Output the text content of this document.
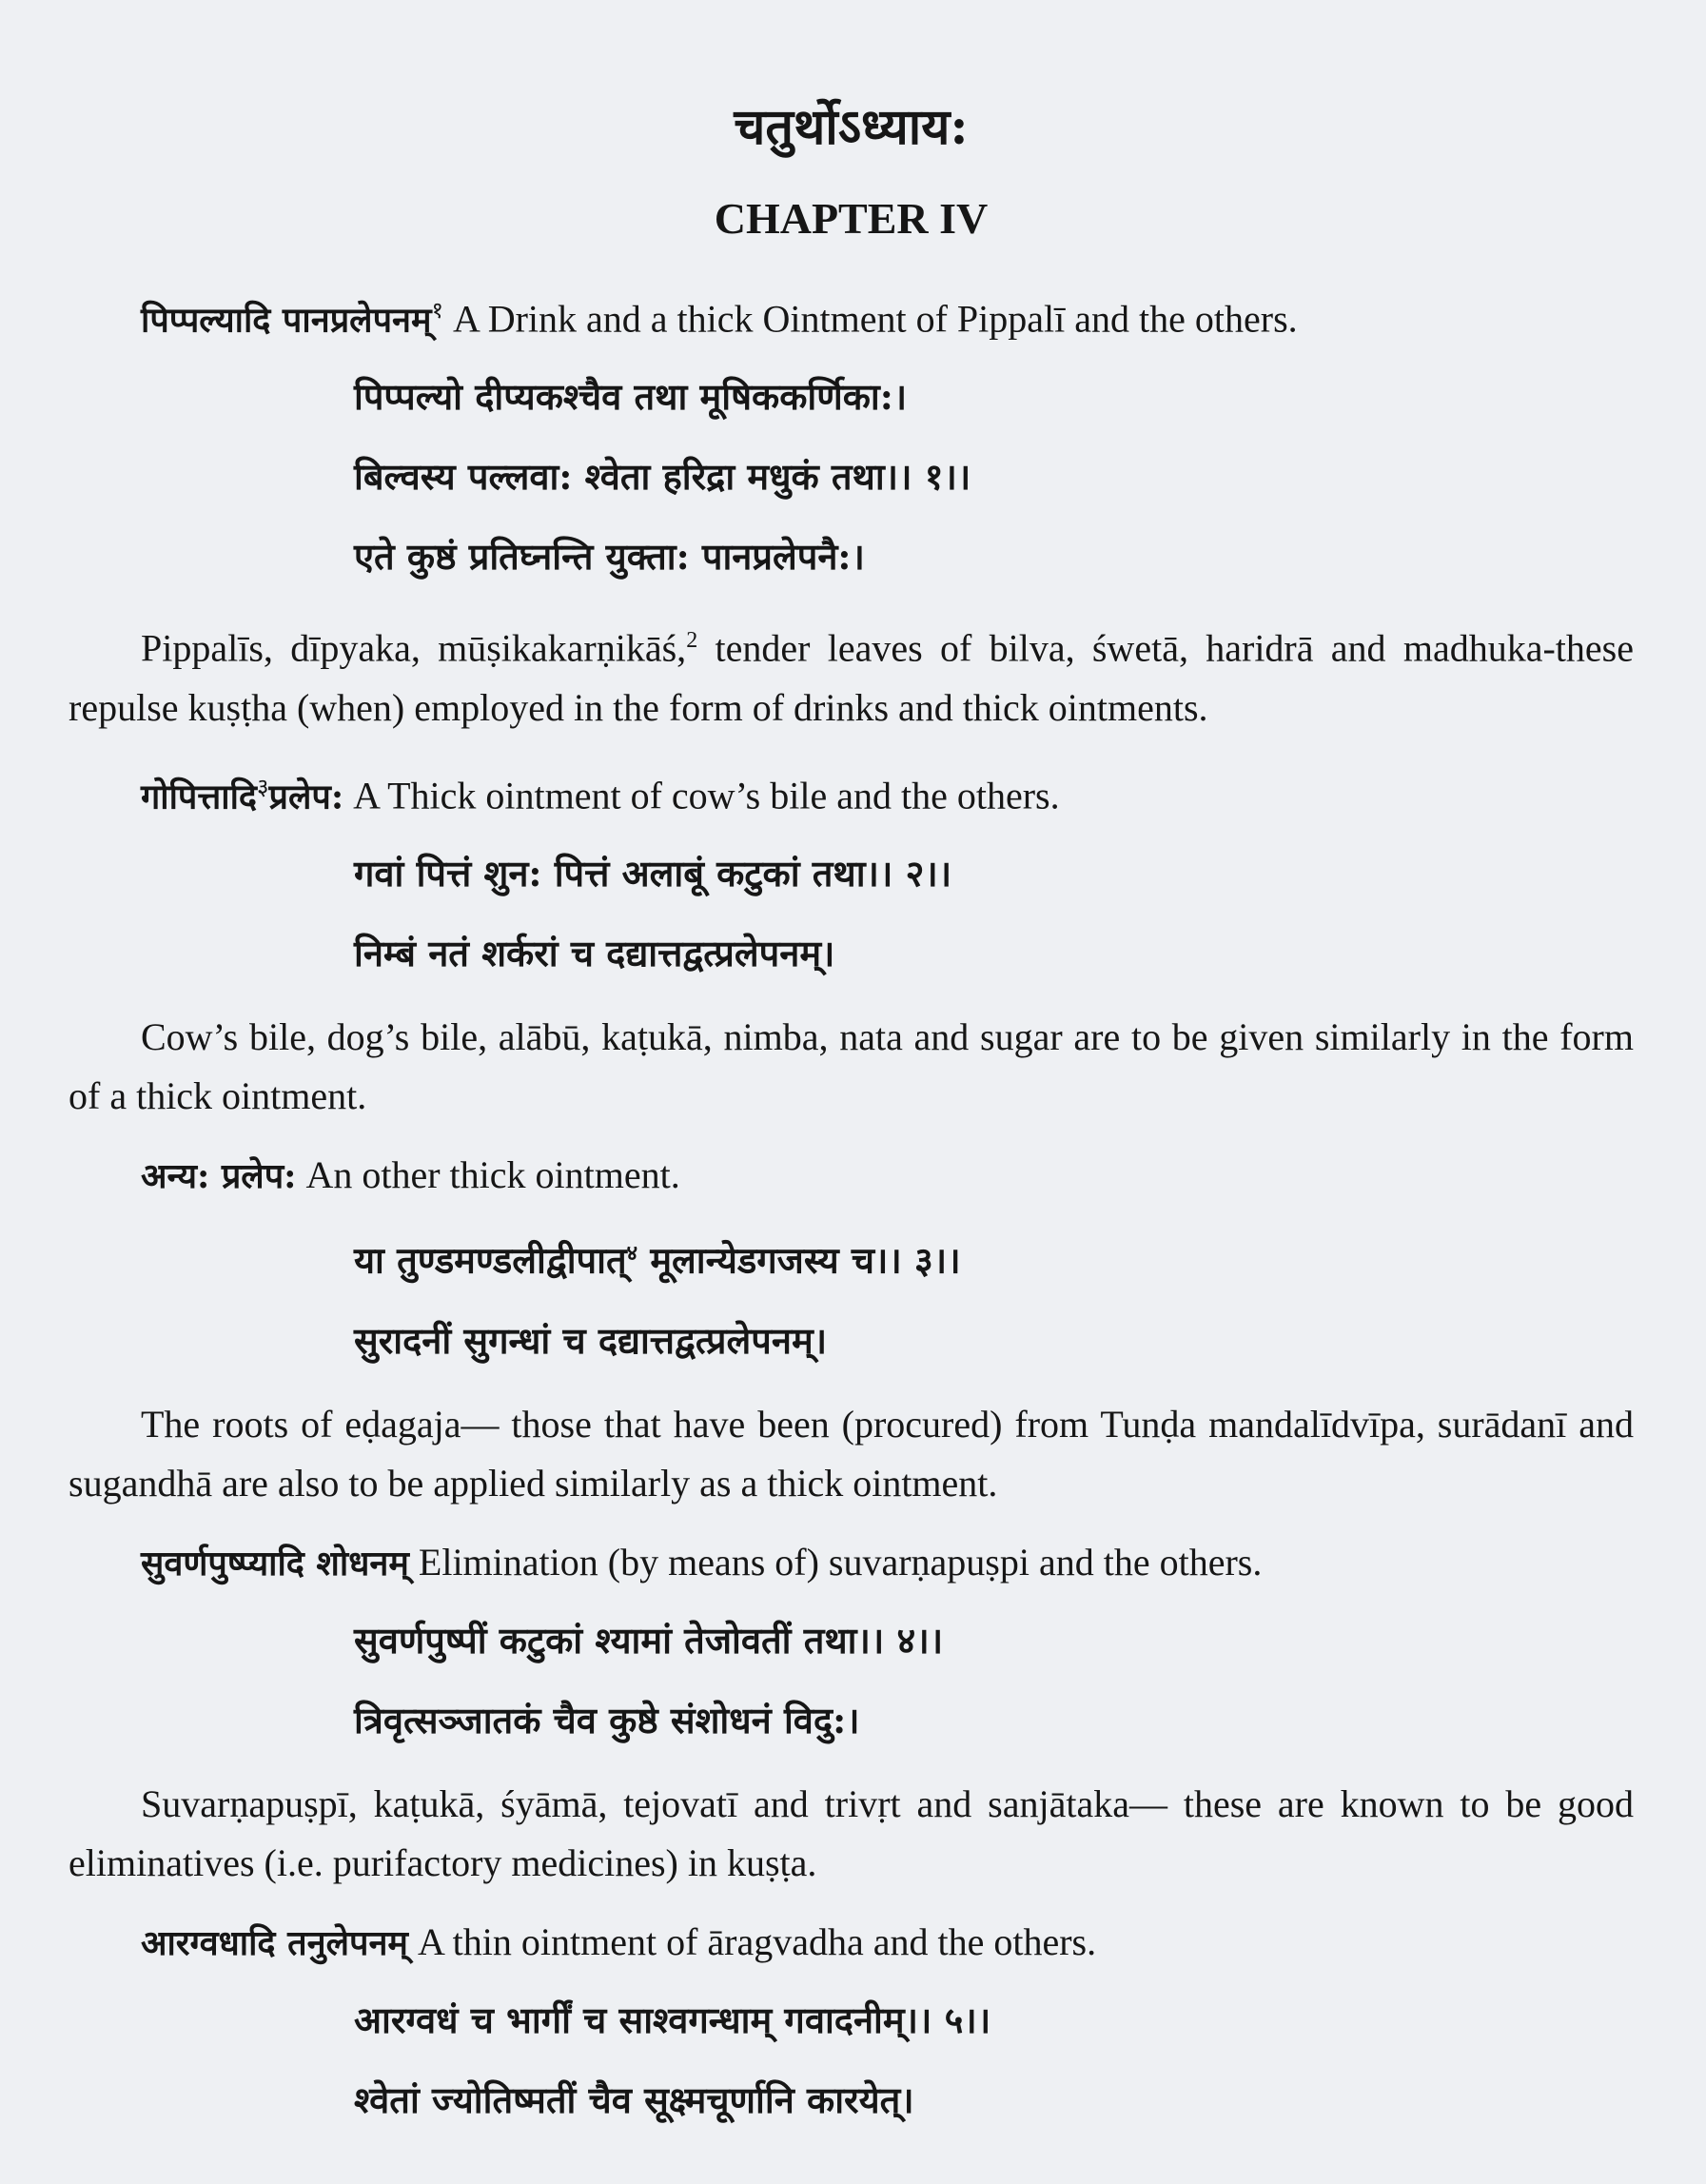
चतुर्थोऽध्याय:
CHAPTER IV
पिप्पल्यादि पानप्रलेपनम्$^१$ A Drink and a thick Ointment of Pippalī and the others.
पिप्पल्यो दीप्यकश्चैव तथा मूषिककर्णिका:।
बिल्वस्य पल्लवा: श्वेता हरिद्रा मधुकं तथा।। १।।
एते कुष्ठं प्रतिघ्नन्ति युक्ता: पानप्रलेपनै:।

Pippalīs, dīpyaka, mūṣikakarṇikāś,$^2$ tender leaves of bilva, śwetā, haridrā and madhuka-these repulse kuṣṭha (when) employed in the form of drinks and thick ointments.

गोपित्तादि$^३$प्रलेप: A Thick ointment of cow’s bile and the others.
गवां पित्तं शुन: पित्तं अलाबूं कटुकां तथा।। २।।
निम्बं नतं शर्करां च दद्यात्तद्वत्प्रलेपनम्।

Cow’s bile, dog’s bile, alābū, kaṭukā, nimba, nata and sugar are to be given similarly in the form of a thick ointment.

अन्य: प्रलेप: An other thick ointment.
या तुण्डमण्डलीद्वीपात्$^४$ मूलान्येडगजस्य च।। ३।।
सुरादनीं सुगन्धां च दद्यात्तद्वत्प्रलेपनम्।

The roots of eḍagaja— those that have been (procured) from Tunḍa mandalīdvīpa, surādanī and sugandhā are also to be applied similarly as a thick ointment.

सुवर्णपुष्प्यादि शोधनम् Elimination (by means of) suvarṇapuṣpi and the others.
सुवर्णपुष्पीं कटुकां श्यामां तेजोवतीं तथा।। ४।।
त्रिवृत्सञ्जातकं चैव कुष्ठे संशोधनं विदु:।

Suvarṇapuṣpī, kaṭukā, śyāmā, tejovatī and trivṛt and sanjātaka— these are known to be good eliminatives (i.e. purifactory medicines) in kuṣṭa.

आरग्वधादि तनुलेपनम् A thin ointment of āragvadha and the others.
आरग्वधं च भार्गीं च साश्वगन्धाम् गवादनीम्।। ५।।
श्वेतां ज्योतिष्मतीं चैव सूक्ष्मचूर्णानि कारयेत्।
